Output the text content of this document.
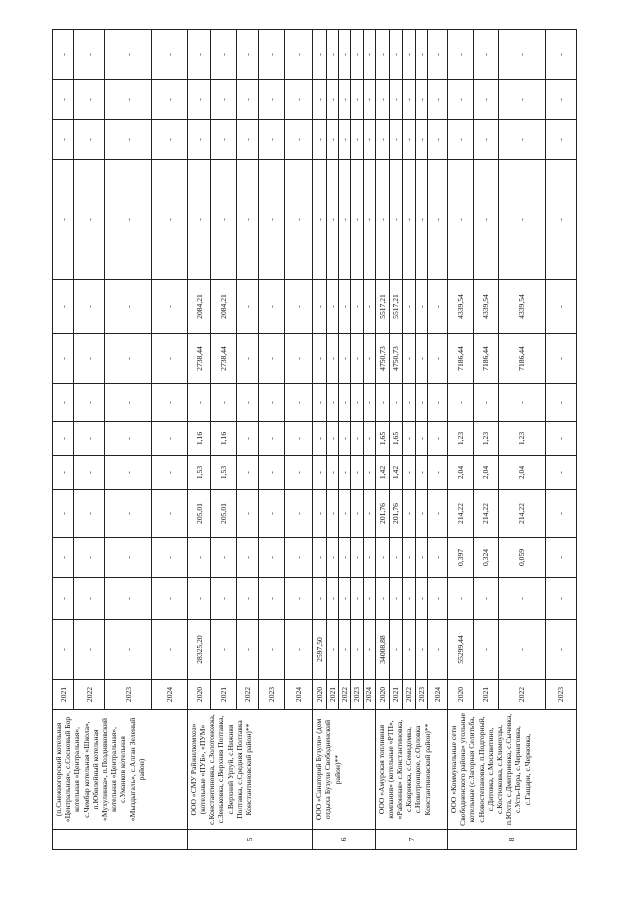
	(п.Снежногорский котельная «Центральная», с.Сосновый Бор котельная «Центральная», с.Чембар котельная «Школа», п.Юбилейный котельная «Мухулинка», п.Поздняковский котельная «Центральная», с.Уманков котельная «Мыздыгаль», с.Алган Зеленый район)	2021	-	-	-	-	-	-	-	-	-	-	-	-	-
		2022	-	-	-	-	-	-	-	-	-	-	-	-	-
		2023	-	-	-	-	-	-	-	-	-	-	-	-	-
		2024	-	-	-	-	-	-	-	-	-	-	-	-	-
5	ООО «СМУ Райжилкомхоз» (котельные «ПУБ», «ПУМ» с.Константиновка, с.Золотоножка, с.Зеньковка, с.Верхняя Полтавка, с.Верхний Уртуй, с.Нижняя Полтавка, с.Средняя Полтавка Константиновский район)**	2020	28325,20	-	-	205,01	1,53	1,16	-	2738,44	2084,21	-	-	-	-
		2021	-	-	-	205,01	1,53	1,16	-	2738,44	2084,21	-	-	-	-
		2022	-	-	-	-	-	-	-	-	-	-	-	-	-
		2023	-	-	-	-	-	-	-	-	-	-	-	-	-
		2024	-	-	-	-	-	-	-	-	-	-	-	-	-
6	ООО «Санаторий Бузули» (дом отдыха Бузули Свободненский район)**	2020	2597,50	-	-	-	-	-	-	-	-	-	-	-	-
		2021	-	-	-	-	-	-	-	-	-	-	-	-	-
		2022	-	-	-	-	-	-	-	-	-	-	-	-	-
		2023	-	-	-	-	-	-	-	-	-	-	-	-	-
		2024	-	-	-	-	-	-	-	-	-	-	-	-	-
7	ООО «Амурская топливная компания» (котельные «РТП», «Районная» с.Константиновка, с.Коврижка, с.Семидомка, с.Новотроицкое, с.Орловка Константиновский район)**	2020	34008,88	-	-	201,76	1,42	1,65	-	4750,73	5517,21	-	-	-	-
		2021	-	-	-	201,76	1,42	1,65	-	4750,73	5517,21	-	-	-	-
		2022	-	-	-	-	-	-	-	-	-	-	-	-	-
		2023	-	-	-	-	-	-	-	-	-	-	-	-	-
		2024	-	-	-	-	-	-	-	-	-	-	-	-	-
8	ООО «Коммунальные сети Свободненского района» угольные котельные (с.Загорная Селитьба, с.Новостепановка, п.Подгорный, с.Дитовка, с.Москвитино, с.Костюковка, с.Климоуцы, п.Юхта, с.Дмитриевка, с.Сычевка, с.Усть-Пера, с.Черниговка, с.Гащари, с.Черновка,	2020	55299,44	-	0,397	214,22	2,04	1,23	-	7186,44	4339,54	-	-	-	-
		2021	-	-	0,324	214,22	2,04	1,23	-	7186,44	4339,54	-	-	-	-
		2022	-	-	0,059	214,22	2,04	1,23	-	7186,44	4339,54	-	-	-	-
		2023	-	-	-	-	-	-	-	-	-	-	-	-	-
